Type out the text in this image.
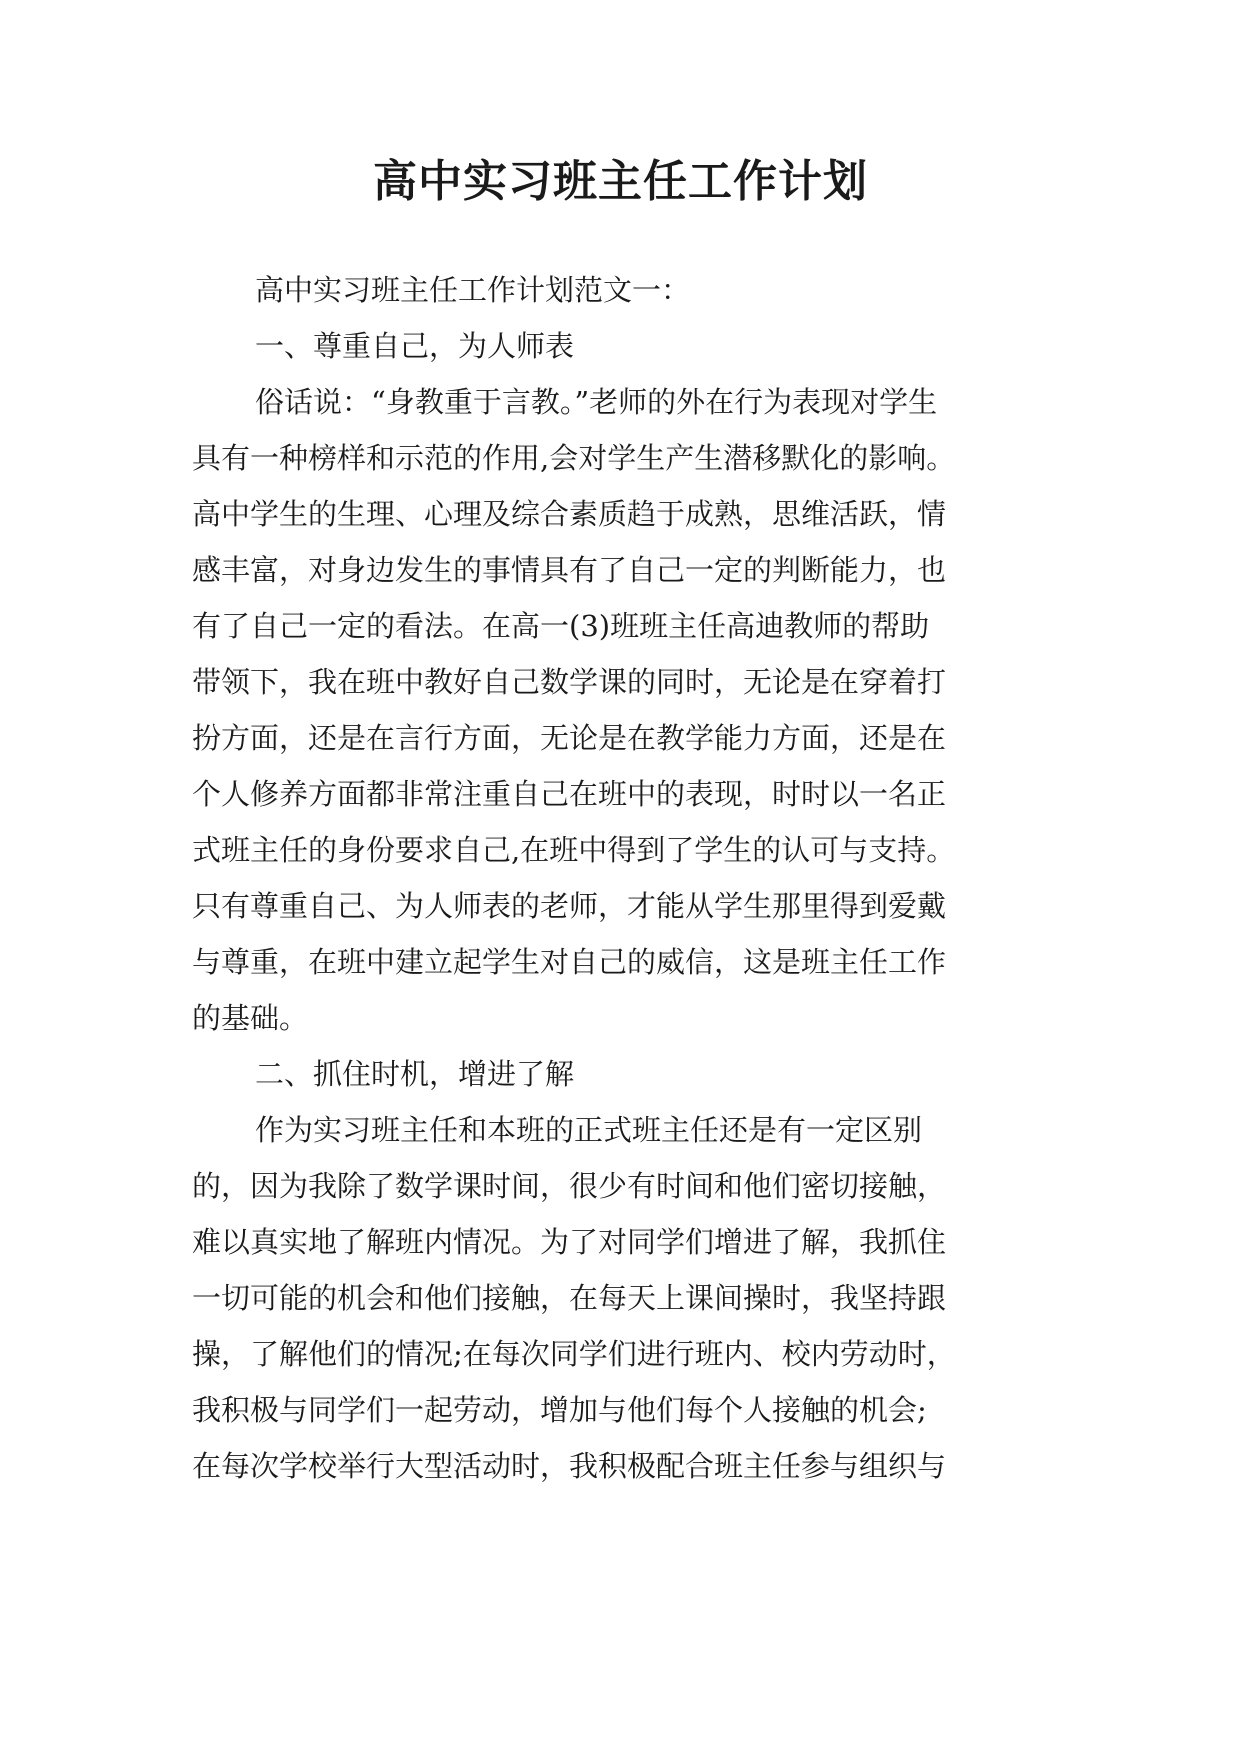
高中实习班主任工作计划

高中实习班主任工作计划范文一：

一、尊重自己，为人师表

俗话说：“身教重于言教。”老师的外在行为表现对学生

具有一种榜样和示范的作用,会对学生产生潜移默化的影响。

高中学生的生理、心理及综合素质趋于成熟，思维活跃，情

感丰富，对身边发生的事情具有了自己一定的判断能力，也

有了自己一定的看法。在高一(3)班班主任高迪教师的帮助

带领下，我在班中教好自己数学课的同时，无论是在穿着打

扮方面，还是在言行方面，无论是在教学能力方面，还是在

个人修养方面都非常注重自己在班中的表现，时时以一名正

式班主任的身份要求自己,在班中得到了学生的认可与支持。

只有尊重自己、为人师表的老师，才能从学生那里得到爱戴

与尊重，在班中建立起学生对自己的威信，这是班主任工作

的基础。

二、抓住时机，增进了解

作为实习班主任和本班的正式班主任还是有一定区别

的，因为我除了数学课时间，很少有时间和他们密切接触，

难以真实地了解班内情况。为了对同学们增进了解，我抓住

一切可能的机会和他们接触，在每天上课间操时，我坚持跟

操，了解他们的情况;在每次同学们进行班内、校内劳动时，

我积极与同学们一起劳动，增加与他们每个人接触的机会;

在每次学校举行大型活动时，我积极配合班主任参与组织与
